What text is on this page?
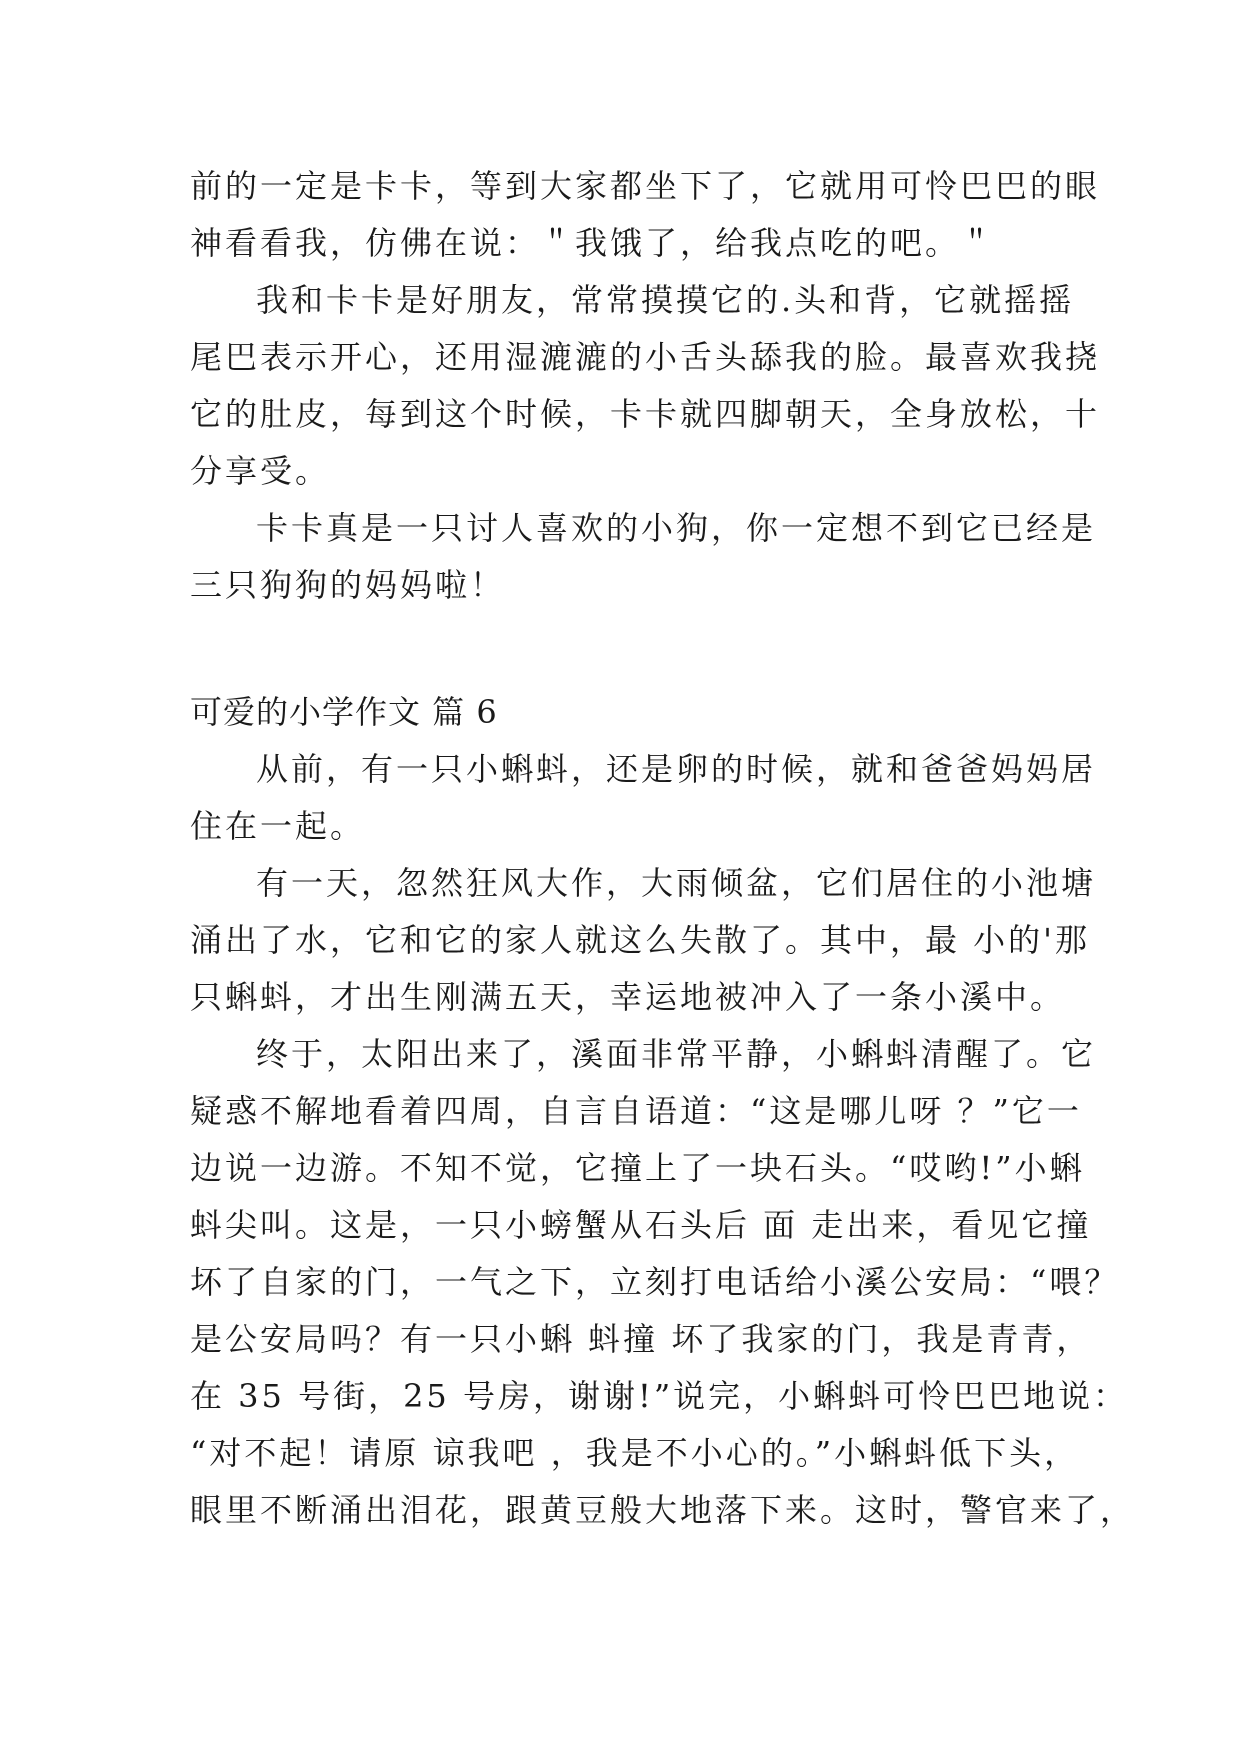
前的一定是卡卡，等到大家都坐下了，它就用可怜巴巴的眼
神看看我，仿佛在说：＂我饿了，给我点吃的吧。＂
我和卡卡是好朋友，常常摸摸它的.头和背，它就摇摇
尾巴表示开心，还用湿漉漉的小舌头舔我的脸。最喜欢我挠
它的肚皮，每到这个时候，卡卡就四脚朝天，全身放松，十
分享受。
卡卡真是一只讨人喜欢的小狗，你一定想不到它已经是
三只狗狗的妈妈啦！
可爱的小学作文 篇 6
从前，有一只小蝌蚪，还是卵的时候，就和爸爸妈妈居
住在一起。
有一天，忽然狂风大作，大雨倾盆，它们居住的小池塘
涌出了水，它和它的家人就这么失散了。其中，最 小的'那
只蝌蚪，才出生刚满五天，幸运地被冲入了一条小溪中。
终于，太阳出来了，溪面非常平静，小蝌蚪清醒了。它
疑惑不解地看着四周，自言自语道：“这是哪儿呀 ？”它一
边说一边游。不知不觉，它撞上了一块石头。“哎哟!”小蝌
蚪尖叫。这是，一只小螃蟹从石头后 面 走出来，看见它撞
坏了自家的门，一气之下，立刻打电话给小溪公安局：“喂？
是公安局吗？有一只小蝌 蚪撞 坏了我家的门，我是青青，
在 35 号街，25 号房，谢谢!”说完，小蝌蚪可怜巴巴地说：
“对不起！请原 谅我吧 ，我是不小心的。”小蝌蚪低下头，
眼里不断涌出泪花，跟黄豆般大地落下来。这时，警官来了，
